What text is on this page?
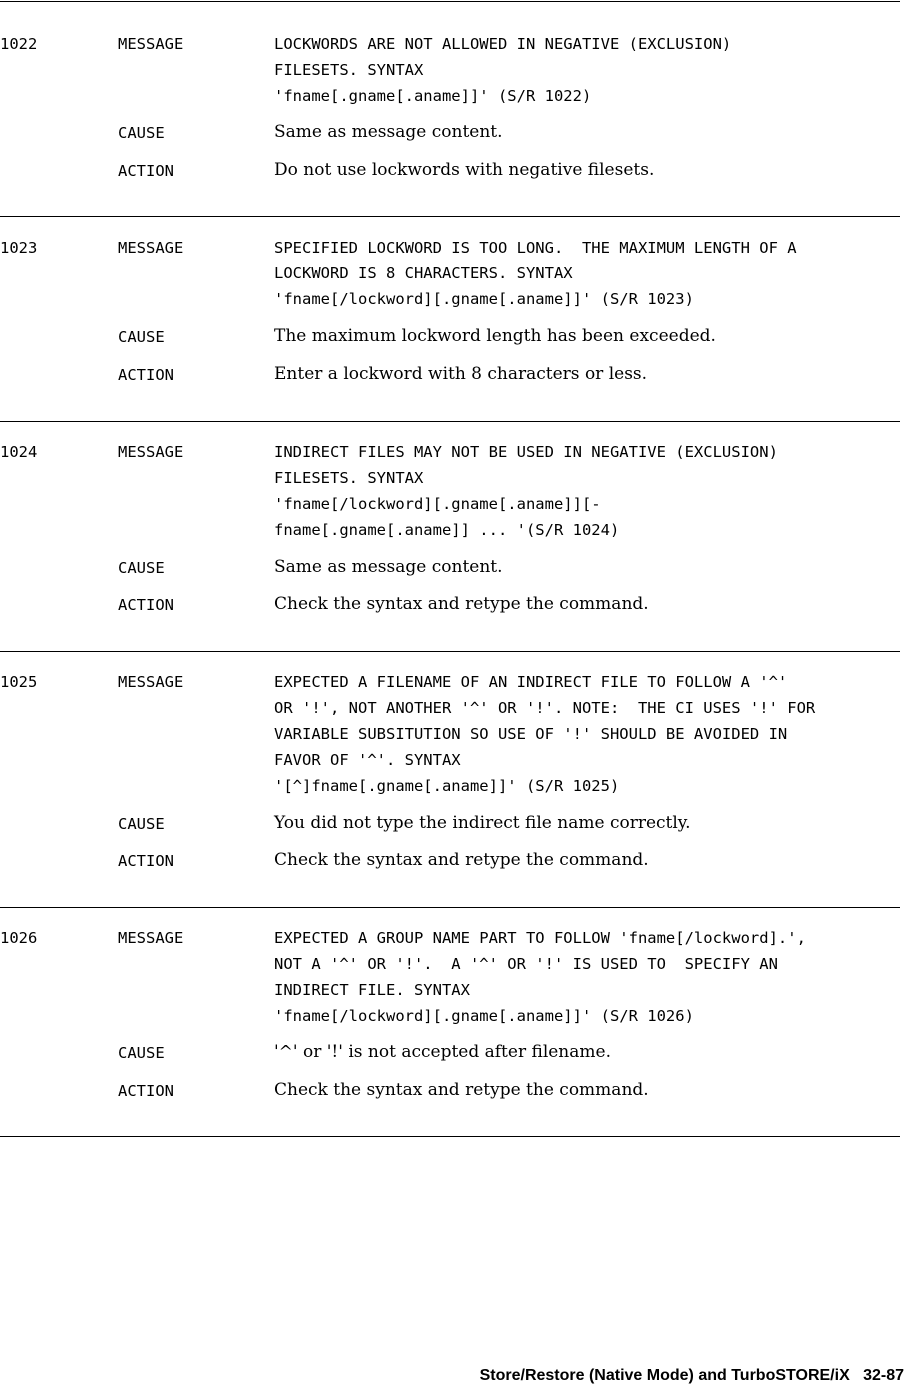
1022	MESSAGE	LOCKWORDS ARE NOT ALLOWED IN NEGATIVE (EXCLUSION)
FILESETS. SYNTAX
'fname[.gname[.aname]]' (S/R 1022)
CAUSE	Same as message content.
ACTION	Do not use lockwords with negative filesets.
1023	MESSAGE	SPECIFIED LOCKWORD IS TOO LONG.  THE MAXIMUM LENGTH OF A
LOCKWORD IS 8 CHARACTERS. SYNTAX
'fname[/lockword][.gname[.aname]]' (S/R 1023)
CAUSE	The maximum lockword length has been exceeded.
ACTION	Enter a lockword with 8 characters or less.
1024	MESSAGE	INDIRECT FILES MAY NOT BE USED IN NEGATIVE (EXCLUSION)
FILESETS. SYNTAX
'fname[/lockword][.gname[.aname]][-
fname[.gname[.aname]] ... '(S/R 1024)
CAUSE	Same as message content.
ACTION	Check the syntax and retype the command.
1025	MESSAGE	EXPECTED A FILENAME OF AN INDIRECT FILE TO FOLLOW A '^'
OR '!', NOT ANOTHER '^' OR '!'. NOTE:  THE CI USES '!' FOR
VARIABLE SUBSITUTION SO USE OF '!' SHOULD BE AVOIDED IN
FAVOR OF '^'. SYNTAX
'[^]fname[.gname[.aname]]' (S/R 1025)
CAUSE	You did not type the indirect file name correctly.
ACTION	Check the syntax and retype the command.
1026	MESSAGE	EXPECTED A GROUP NAME PART TO FOLLOW 'fname[/lockword].',
NOT A '^' OR '!'.  A '^' OR '!' IS USED TO  SPECIFY AN
INDIRECT FILE. SYNTAX
'fname[/lockword][.gname[.aname]]' (S/R 1026)
CAUSE	'^' or '!' is not accepted after filename.
ACTION	Check the syntax and retype the command.
Store/Restore (Native Mode) and TurboSTORE/iX 32-87
